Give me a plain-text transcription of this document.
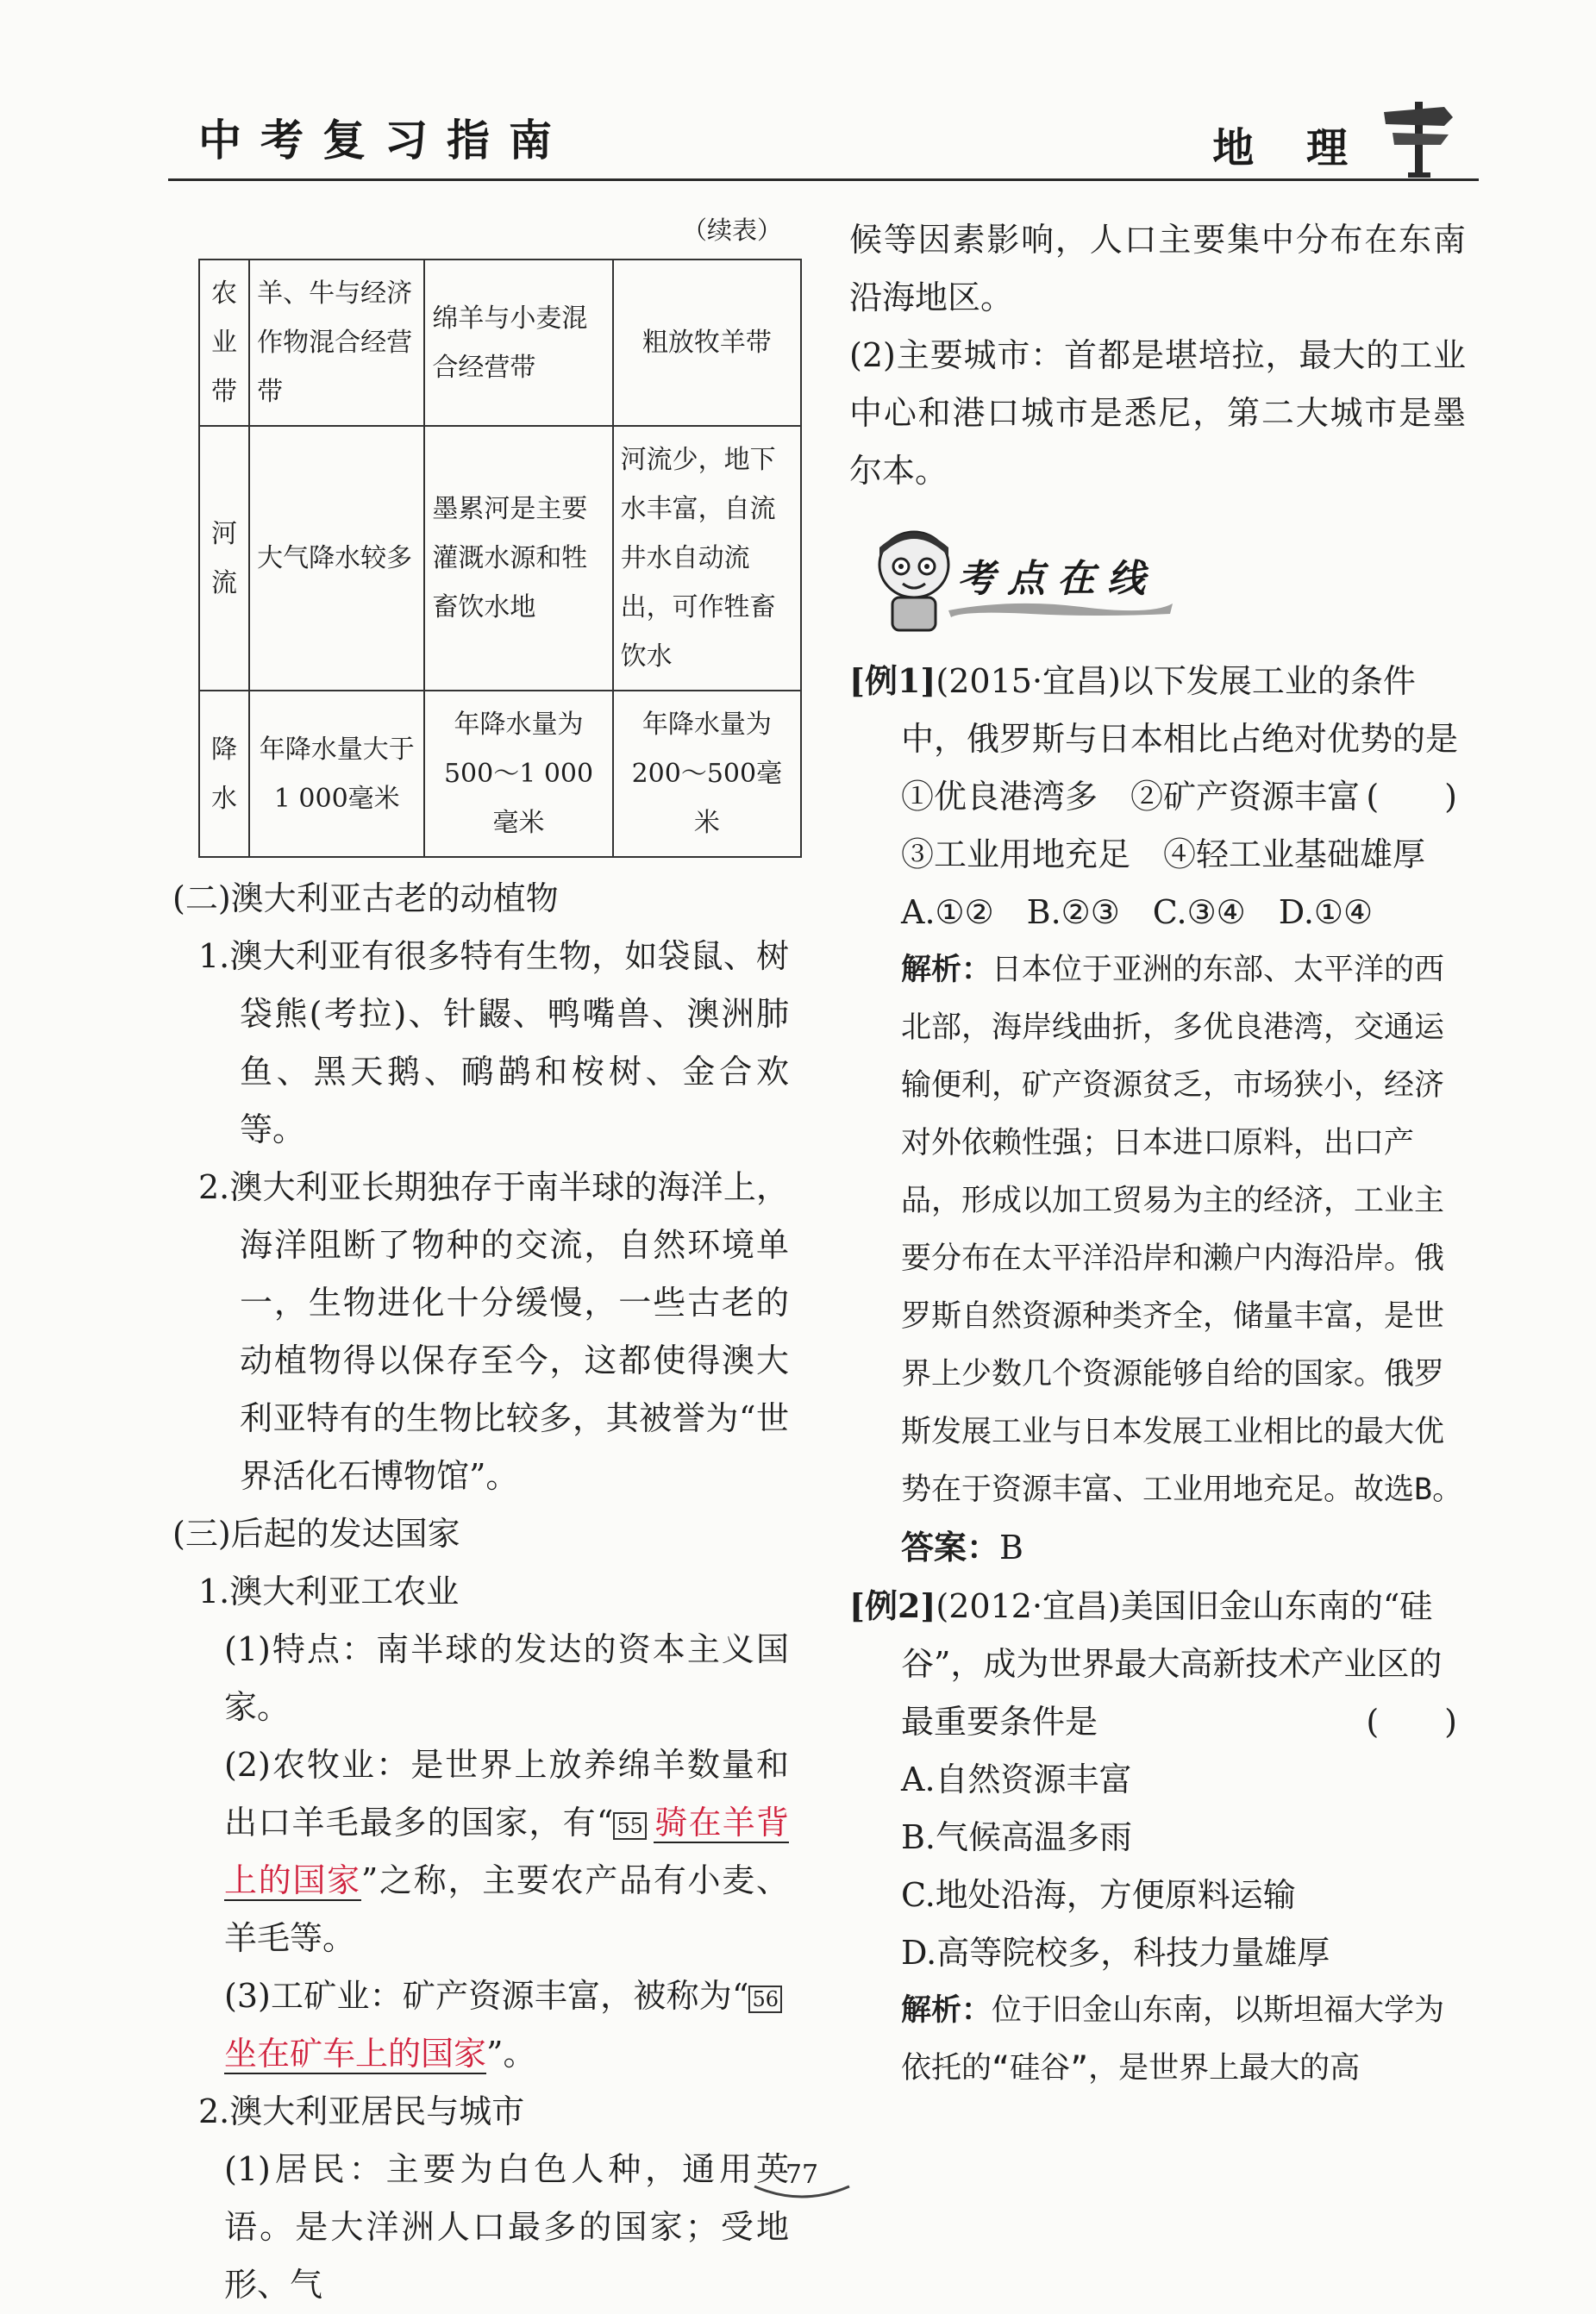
中考复习指南	地 理
（续表）
农业带	羊、牛与经济作物混合经营带	绵羊与小麦混合经营带	粗放牧羊带
河流	大气降水较多	墨累河是主要灌溉水源和牲畜饮水地	河流少，地下水丰富，自流井水自动流出，可作牲畜饮水
降水	年降水量大于1 000毫米	年降水量为500～1 000毫米	年降水量为200～500毫米

(二)澳大利亚古老的动植物

1.澳大利亚有很多特有生物，如袋鼠、树袋熊(考拉)、针鼹、鸭嘴兽、澳洲肺鱼、黑天鹅、鸸鹋和桉树、金合欢等。

2.澳大利亚长期独存于南半球的海洋上，海洋阻断了物种的交流，自然环境单一，生物进化十分缓慢，一些古老的动植物得以保存至今，这都使得澳大利亚特有的生物比较多，其被誉为“世界活化石博物馆”。

(三)后起的发达国家

1.澳大利亚工农业

(1)特点：南半球的发达的资本主义国家。

(2)农牧业：是世界上放养绵羊数量和出口羊毛最多的国家，有“ 55 骑在羊背上的国家”之称，主要农产品有小麦、羊毛等。

(3)工矿业：矿产资源丰富，被称为“ 56坐在矿车上的国家”。

2.澳大利亚居民与城市

(1)居民：主要为白色人种，通用英语。是大洋洲人口最多的国家；受地形、气

候等因素影响，人口主要集中分布在东南沿海地区。

(2)主要城市：首都是堪培拉，最大的工业中心和港口城市是悉尼，第二大城市是墨尔本。

考点在线

[例1](2015·宜昌)以下发展工业的条件中，俄罗斯与日本相比占绝对优势的是
(　　)

①优良港湾多　②矿产资源丰富

③工业用地充足　④轻工业基础雄厚

A.①②　B.②③　C.③④　D.①④

解析：日本位于亚洲的东部、太平洋的西北部，海岸线曲折，多优良港湾，交通运输便利，矿产资源贫乏，市场狭小，经济对外依赖性强；日本进口原料，出口产品，形成以加工贸易为主的经济，工业主要分布在太平洋沿岸和濑户内海沿岸。俄罗斯自然资源种类齐全，储量丰富，是世界上少数几个资源能够自给的国家。俄罗斯发展工业与日本发展工业相比的最大优势在于资源丰富、工业用地充足。故选B。

答案：B

[例2](2012·宜昌)美国旧金山东南的“硅谷”，成为世界最大高新技术产业区的最重要条件是	(　　)

A.自然资源丰富

B.气候高温多雨

C.地处沿海，方便原料运输

D.高等院校多，科技力量雄厚

解析：位于旧金山东南，以斯坦福大学为依托的“硅谷”，是世界上最大的高

77
